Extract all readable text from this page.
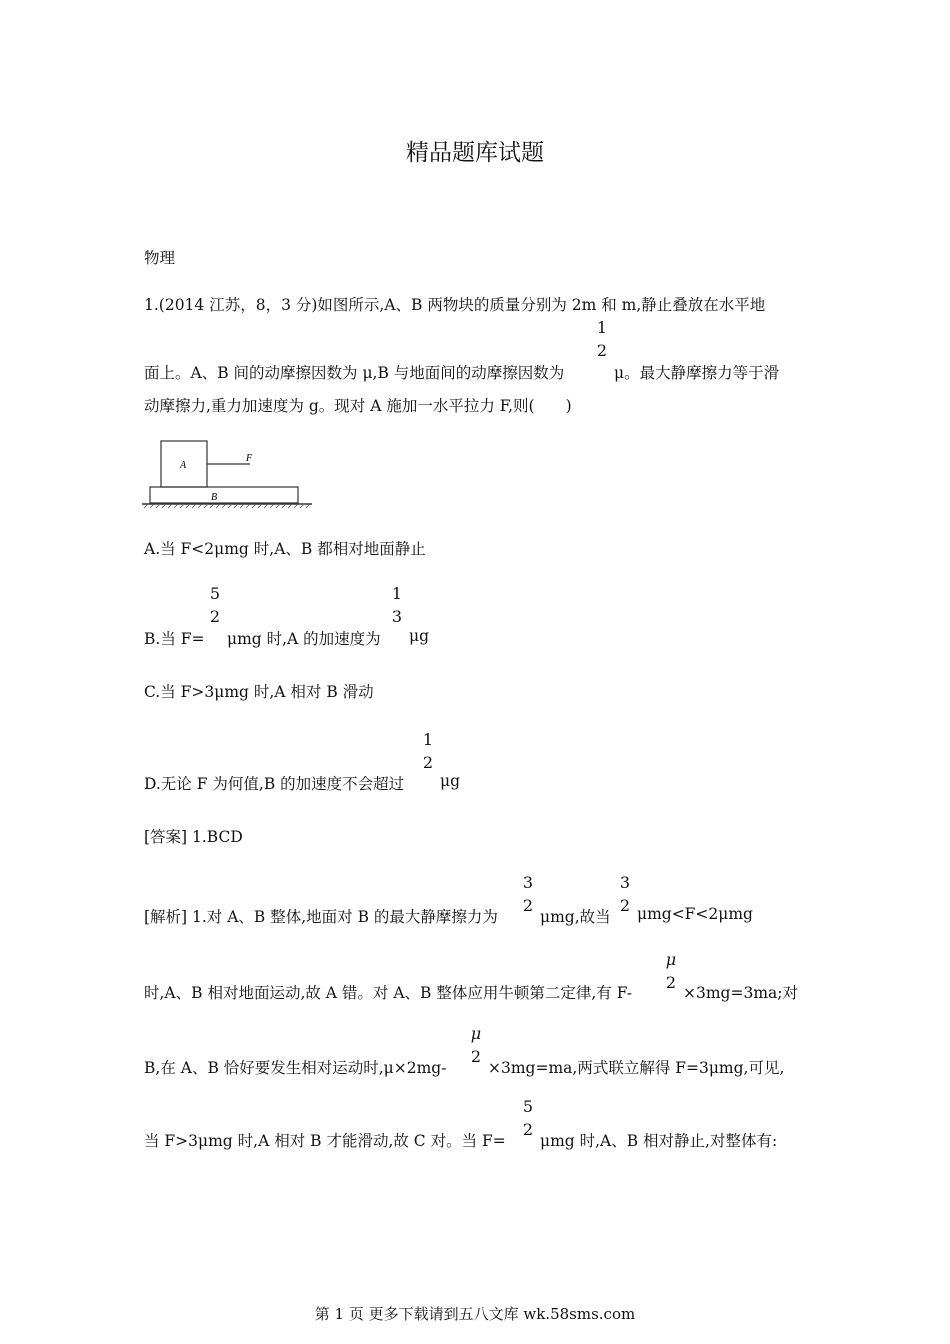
精品题库试题
物理
1.(2014 江苏，8，3 分)如图所示,A、B 两物块的质量分别为 2m 和 m,静止叠放在水平地
1
2
面上。A、B 间的动摩擦因数为 μ,B 与地面间的动摩擦因数为	μ。最大静摩擦力等于滑
动摩擦力,重力加速度为 g。现对 A 施加一水平拉力 F,则(　　)
A
B
F
A.当 F<2μmg 时,A、B 都相对地面静止
5
2
1
3
B.当 F= μmg 时,A 的加速度为 μg
C.当 F>3μmg 时,A 相对 B 滑动
1
2
D.无论 F 为何值,B 的加速度不会超过 μg
[答案] 1.BCD
3
2
3
2
[解析] 1.对 A、B 整体,地面对 B 的最大静摩擦力为	μmg,故当 μmg<F<2μmg
μ
2
时,A、B 相对地面运动,故 A 错。对 A、B 整体应用牛顿第二定律,有 F-	×3mg=3ma;对
μ
2
B,在 A、B 恰好要发生相对运动时,μ×2mg-	×3mg=ma,两式联立解得 F=3μmg,可见,
5
2
当 F>3μmg 时,A 相对 B 才能滑动,故 C 对。当 F= μmg 时,A、B 相对静止,对整体有:
第 1 页 更多下载请到五八文库 wk.58sms.com
